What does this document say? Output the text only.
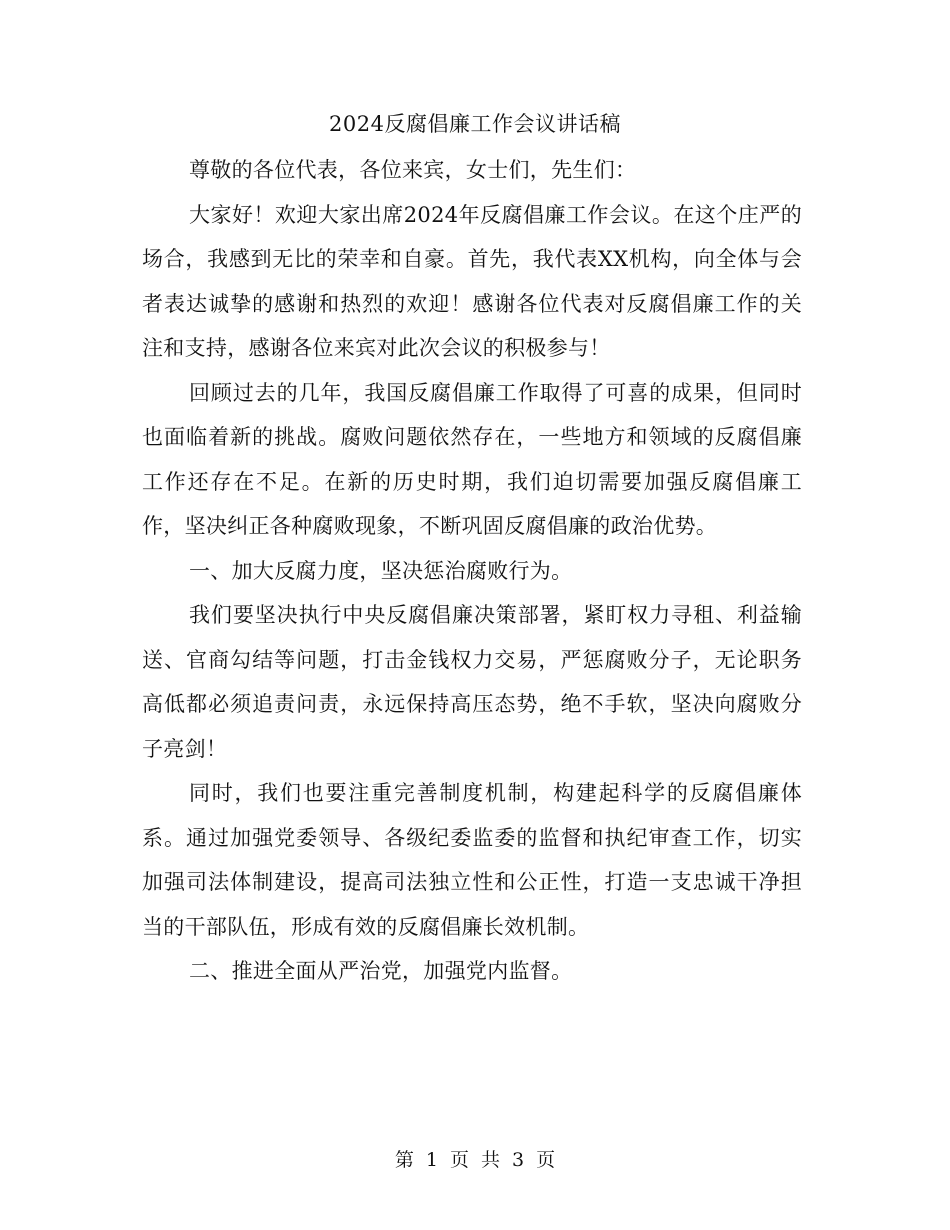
2024反腐倡廉工作会议讲话稿

尊敬的各位代表，各位来宾，女士们，先生们：

大家好！欢迎大家出席2024年反腐倡廉工作会议。在这个庄严的场合，我感到无比的荣幸和自豪。首先，我代表XX机构，向全体与会者表达诚挚的感谢和热烈的欢迎！感谢各位代表对反腐倡廉工作的关注和支持，感谢各位来宾对此次会议的积极参与！

回顾过去的几年，我国反腐倡廉工作取得了可喜的成果，但同时也面临着新的挑战。腐败问题依然存在，一些地方和领域的反腐倡廉工作还存在不足。在新的历史时期，我们迫切需要加强反腐倡廉工作，坚决纠正各种腐败现象，不断巩固反腐倡廉的政治优势。

一、加大反腐力度，坚决惩治腐败行为。

我们要坚决执行中央反腐倡廉决策部署，紧盯权力寻租、利益输送、官商勾结等问题，打击金钱权力交易，严惩腐败分子，无论职务高低都必须追责问责，永远保持高压态势，绝不手软，坚决向腐败分子亮剑！

同时，我们也要注重完善制度机制，构建起科学的反腐倡廉体系。通过加强党委领导、各级纪委监委的监督和执纪审查工作，切实加强司法体制建设，提高司法独立性和公正性，打造一支忠诚干净担当的干部队伍，形成有效的反腐倡廉长效机制。

二、推进全面从严治党，加强党内监督。

第 1 页 共 3 页
